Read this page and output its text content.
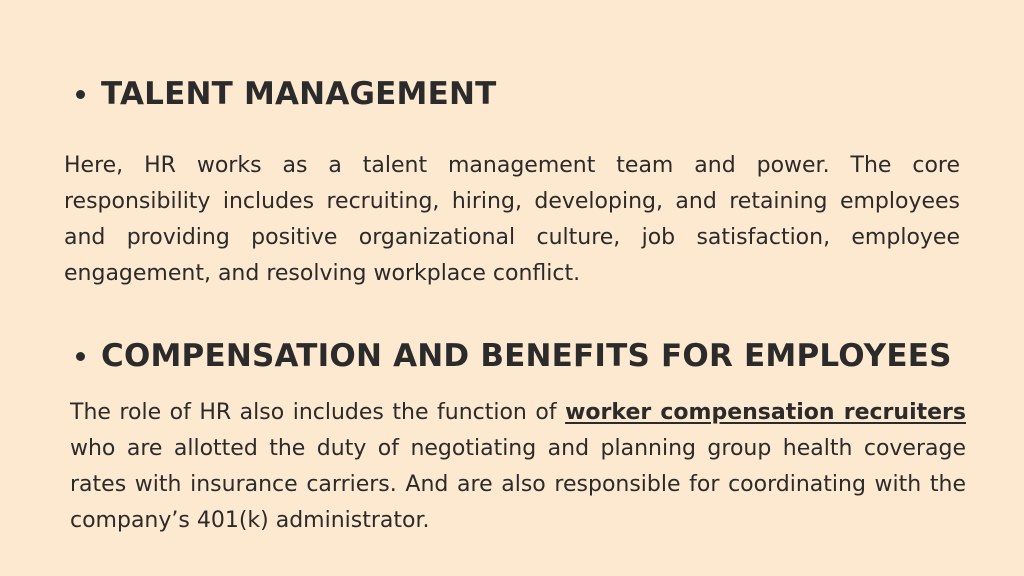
TALENT MANAGEMENT
Here, HR works as a talent management team and power. The core responsibility includes recruiting, hiring, developing, and retaining employees and providing positive organizational culture, job satisfaction, employee engagement, and resolving workplace conflict.
COMPENSATION AND BENEFITS FOR EMPLOYEES
The role of HR also includes the function of worker compensation recruiters who are allotted the duty of negotiating and planning group health coverage rates with insurance carriers. And are also responsible for coordinating with the company’s 401(k) administrator.
